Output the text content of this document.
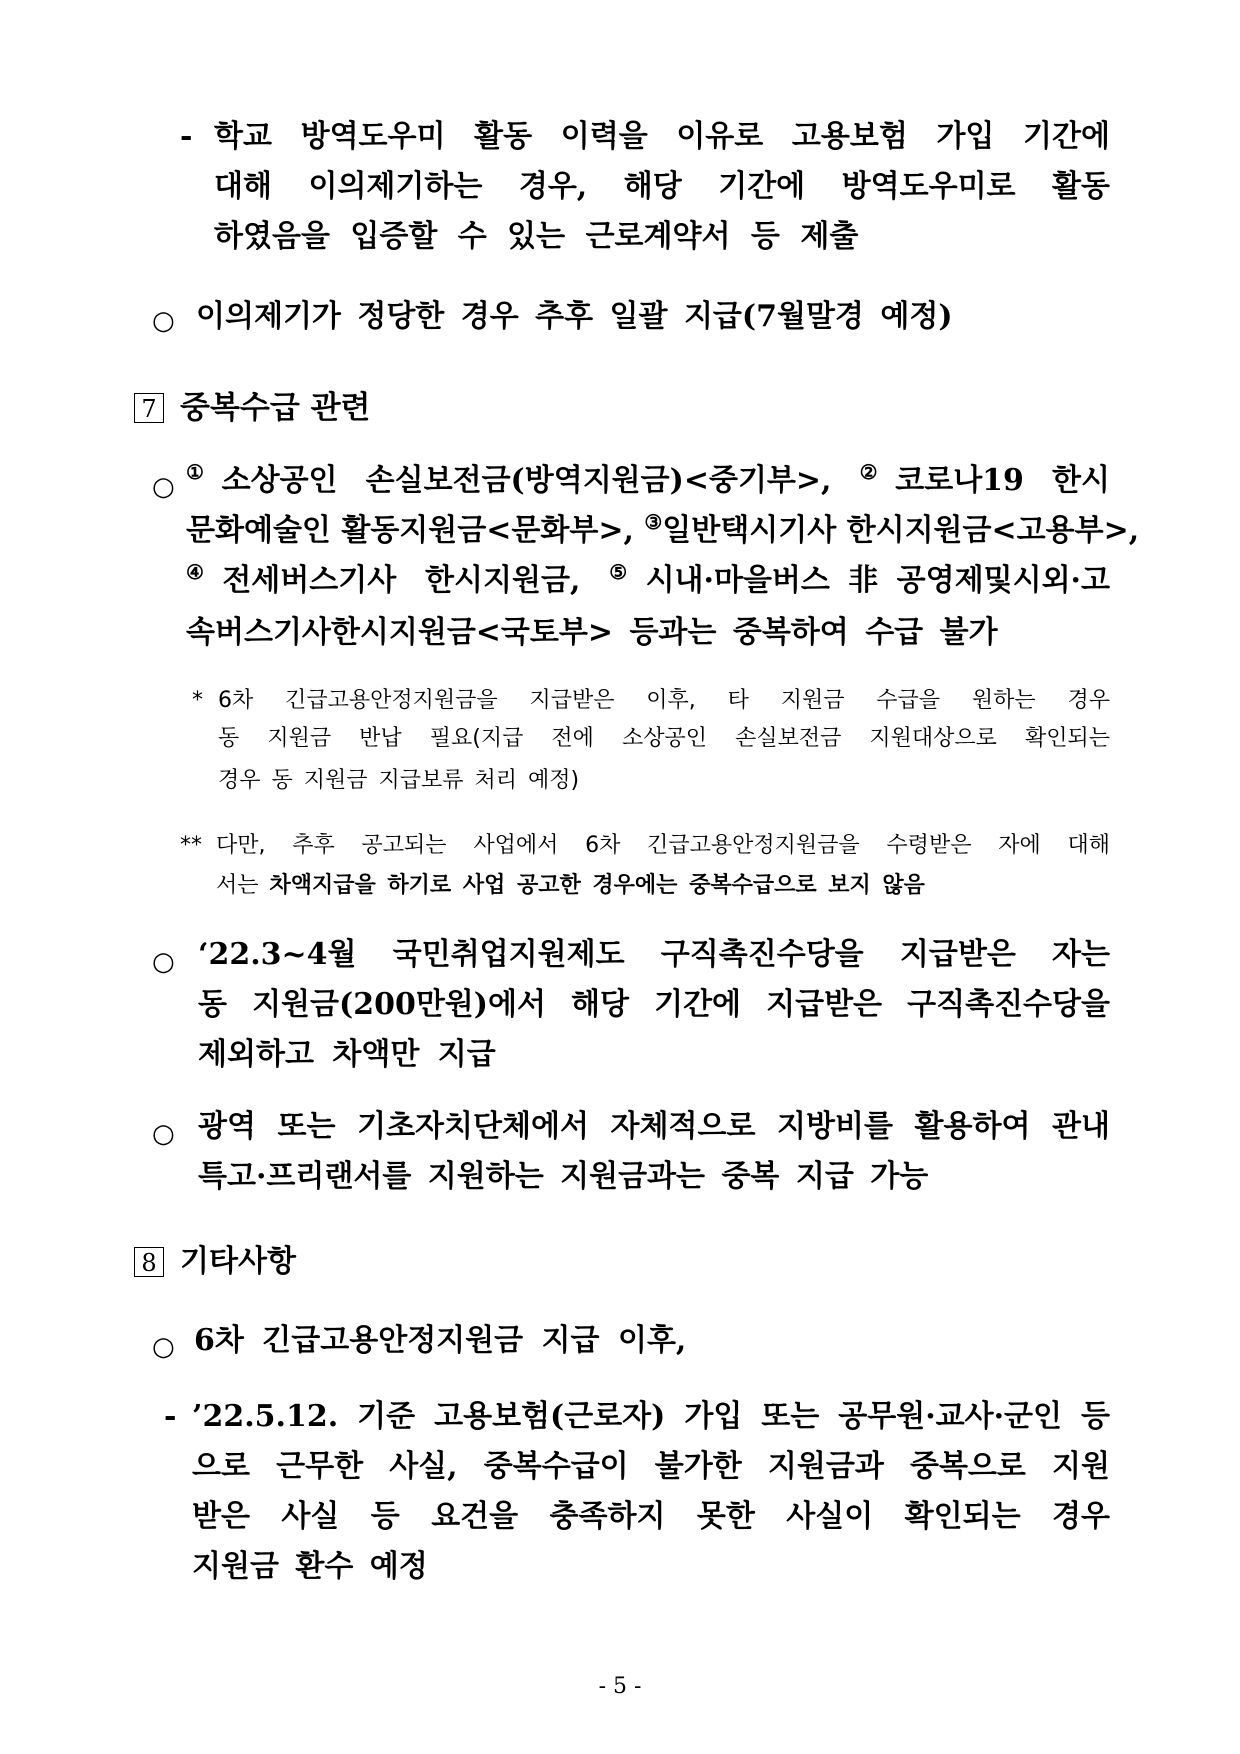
- 학교 방역도우미 활동 이력을 이유로 고용보험 가입 기간에
대해 이의제기하는 경우, 해당 기간에 방역도우미로 활동
하였음을 입증할 수 있는 근로계약서 등 제출
○ 이의제기가 정당한 경우 추후 일괄 지급(7월말경 예정)
7 중복수급 관련
○ ①소상공인 손실보전금(방역지원금)<중기부>, ②코로나19 한시
문화예술인 활동지원금<문화부>, ③일반택시기사 한시지원금<고용부>,
④전세버스기사 한시지원금, ⑤시내·마을버스非공영제및시외·고
속버스기사한시지원금<국토부> 등과는 중복하여 수급 불가
* 6차 긴급고용안정지원금을 지급받은 이후, 타 지원금 수급을 원하는 경우
동 지원금 반납 필요(지급 전에 소상공인 손실보전금 지원대상으로 확인되는
경우 동 지원금 지급보류 처리 예정)
** 다만, 추후 공고되는 사업에서 6차 긴급고용안정지원금을 수령받은 자에 대해
서는 차액지급을 하기로 사업 공고한 경우에는 중복수급으로 보지 않음
○ ‘22.3~4월 국민취업지원제도 구직촉진수당을 지급받은 자는
동 지원금(200만원)에서 해당 기간에 지급받은 구직촉진수당을
제외하고 차액만 지급
○ 광역 또는 기초자치단체에서 자체적으로 지방비를 활용하여 관내
특고·프리랜서를 지원하는 지원금과는 중복 지급 가능
8 기타사항
○ 6차 긴급고용안정지원금 지급 이후,
- ’22.5.12. 기준 고용보험(근로자) 가입 또는 공무원·교사·군인 등
으로 근무한 사실, 중복수급이 불가한 지원금과 중복으로 지원
받은 사실 등 요건을 충족하지 못한 사실이 확인되는 경우
지원금 환수 예정
- 5 -
